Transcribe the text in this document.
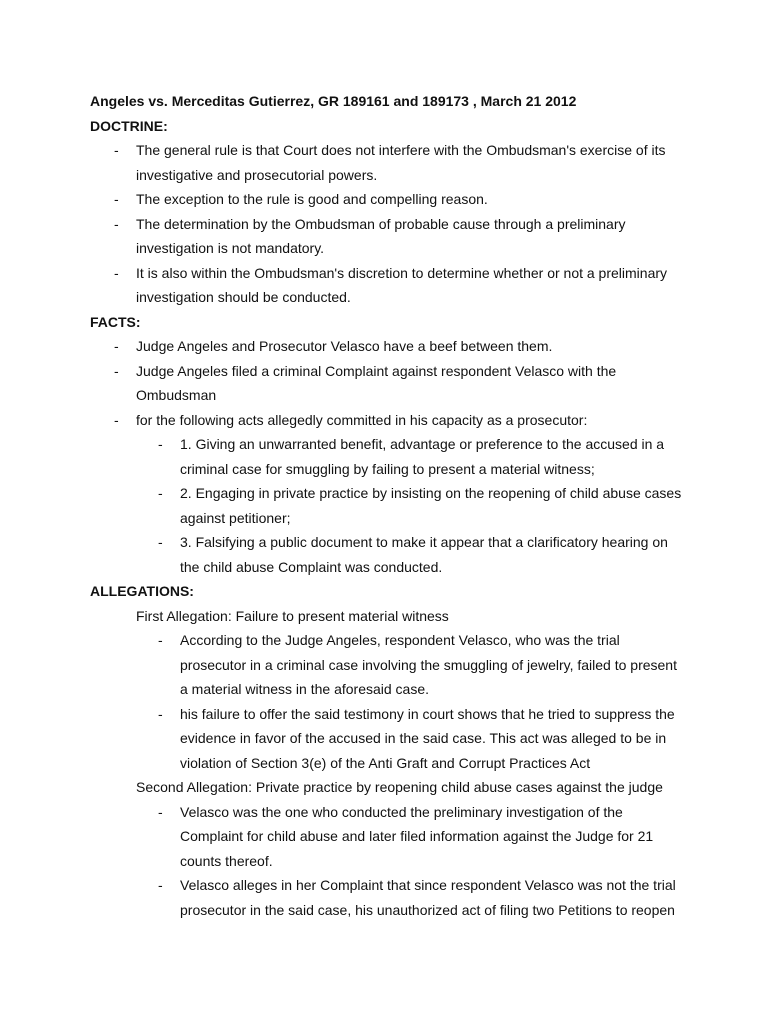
Angeles vs. Merceditas Gutierrez, GR 189161 and 189173 , March 21 2012
DOCTRINE:
-	The general rule is that Court does not interfere with the Ombudsman's exercise of its
investigative and prosecutorial powers.
-	The exception to the rule is good and compelling reason.
-	The determination by the Ombudsman of probable cause through a preliminary
investigation is not mandatory.
-	It is also within the Ombudsman's discretion to determine whether or not a preliminary
investigation should be conducted.
FACTS:
-	Judge Angeles and Prosecutor Velasco have a beef between them.
-	Judge Angeles filed a criminal Complaint against respondent Velasco with the
Ombudsman
-	for the following acts allegedly committed in his capacity as a prosecutor:
-	1. Giving an unwarranted benefit, advantage or preference to the accused in a
criminal case for smuggling by failing to present a material witness;
-	2. Engaging in private practice by insisting on the reopening of child abuse cases
against petitioner;
-	3. Falsifying a public document to make it appear that a clarificatory hearing on
the child abuse Complaint was conducted.
ALLEGATIONS:
First Allegation: Failure to present material witness
-	According to the Judge Angeles, respondent Velasco, who was the trial
prosecutor in a criminal case involving the smuggling of jewelry, failed to present
a material witness in the aforesaid case.
-	his failure to offer the said testimony in court shows that he tried to suppress the
evidence in favor of the accused in the said case. This act was alleged to be in
violation of Section 3(e) of the Anti Graft and Corrupt Practices Act
Second Allegation: Private practice by reopening child abuse cases against the judge
-	Velasco was the one who conducted the preliminary investigation of the
Complaint for child abuse and later filed information against the Judge for 21
counts thereof.
-	Velasco alleges in her Complaint that since respondent Velasco was not the trial
prosecutor in the said case, his unauthorized act of filing two Petitions to reopen
